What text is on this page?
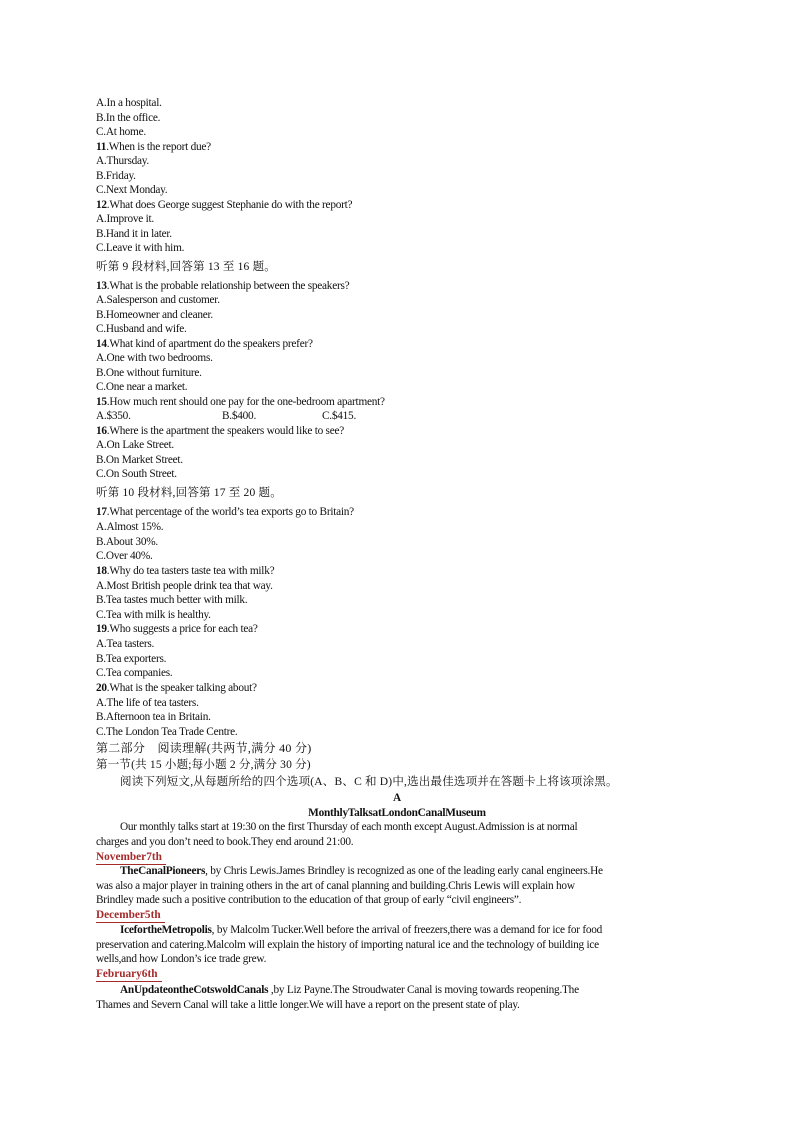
A.In a hospital.
B.In the office.
C.At home.
11.When is the report due?
A.Thursday.
B.Friday.
C.Next Monday.
12.What does George suggest Stephanie do with the report?
A.Improve it.
B.Hand it in later.
C.Leave it with him.
听第 9 段材料,回答第 13 至 16 题。
13.What is the probable relationship between the speakers?
A.Salesperson and customer.
B.Homeowner and cleaner.
C.Husband and wife.
14.What kind of apartment do the speakers prefer?
A.One with two bedrooms.
B.One without furniture.
C.One near a market.
15.How much rent should one pay for the one-bedroom apartment?
A.$350.	B.$400.	C.$415.
16.Where is the apartment the speakers would like to see?
A.On Lake Street.
B.On Market Street.
C.On South Street.
听第 10 段材料,回答第 17 至 20 题。
17.What percentage of the world’s tea exports go to Britain?
A.Almost 15%.
B.About 30%.
C.Over 40%.
18.Why do tea tasters taste tea with milk?
A.Most British people drink tea that way.
B.Tea tastes much better with milk.
C.Tea with milk is healthy.
19.Who suggests a price for each tea?
A.Tea tasters.
B.Tea exporters.
C.Tea companies.
20.What is the speaker talking about?
A.The life of tea tasters.
B.Afternoon tea in Britain.
C.The London Tea Trade Centre.
第二部分　阅读理解(共两节,满分 40 分)
第一节(共 15 小题;每小题 2 分,满分 30 分)
阅读下列短文,从每题所给的四个选项(A、B、C 和 D)中,选出最佳选项并在答题卡上将该项涂黑。
A
MonthlyTalksatLondonCanalMuseum
Our monthly talks start at 19:30 on the first Thursday of each month except August.Admission is at normal
charges and you don’t need to book.They end around 21:00.
November7th
TheCanalPioneers, by Chris Lewis.James Brindley is recognized as one of the leading early canal engineers.He
was also a major player in training others in the art of canal planning and building.Chris Lewis will explain how
Brindley made such a positive contribution to the education of that group of early “civil engineers”.
December5th
IcefortheMetropolis, by Malcolm Tucker.Well before the arrival of freezers,there was a demand for ice for food
preservation and catering.Malcolm will explain the history of importing natural ice and the technology of building ice
wells,and how London’s ice trade grew.
February6th
AnUpdateontheCotswoldCanals ,by Liz Payne.The Stroudwater Canal is moving towards reopening.The
Thames and Severn Canal will take a little longer.We will have a report on the present state of play.
